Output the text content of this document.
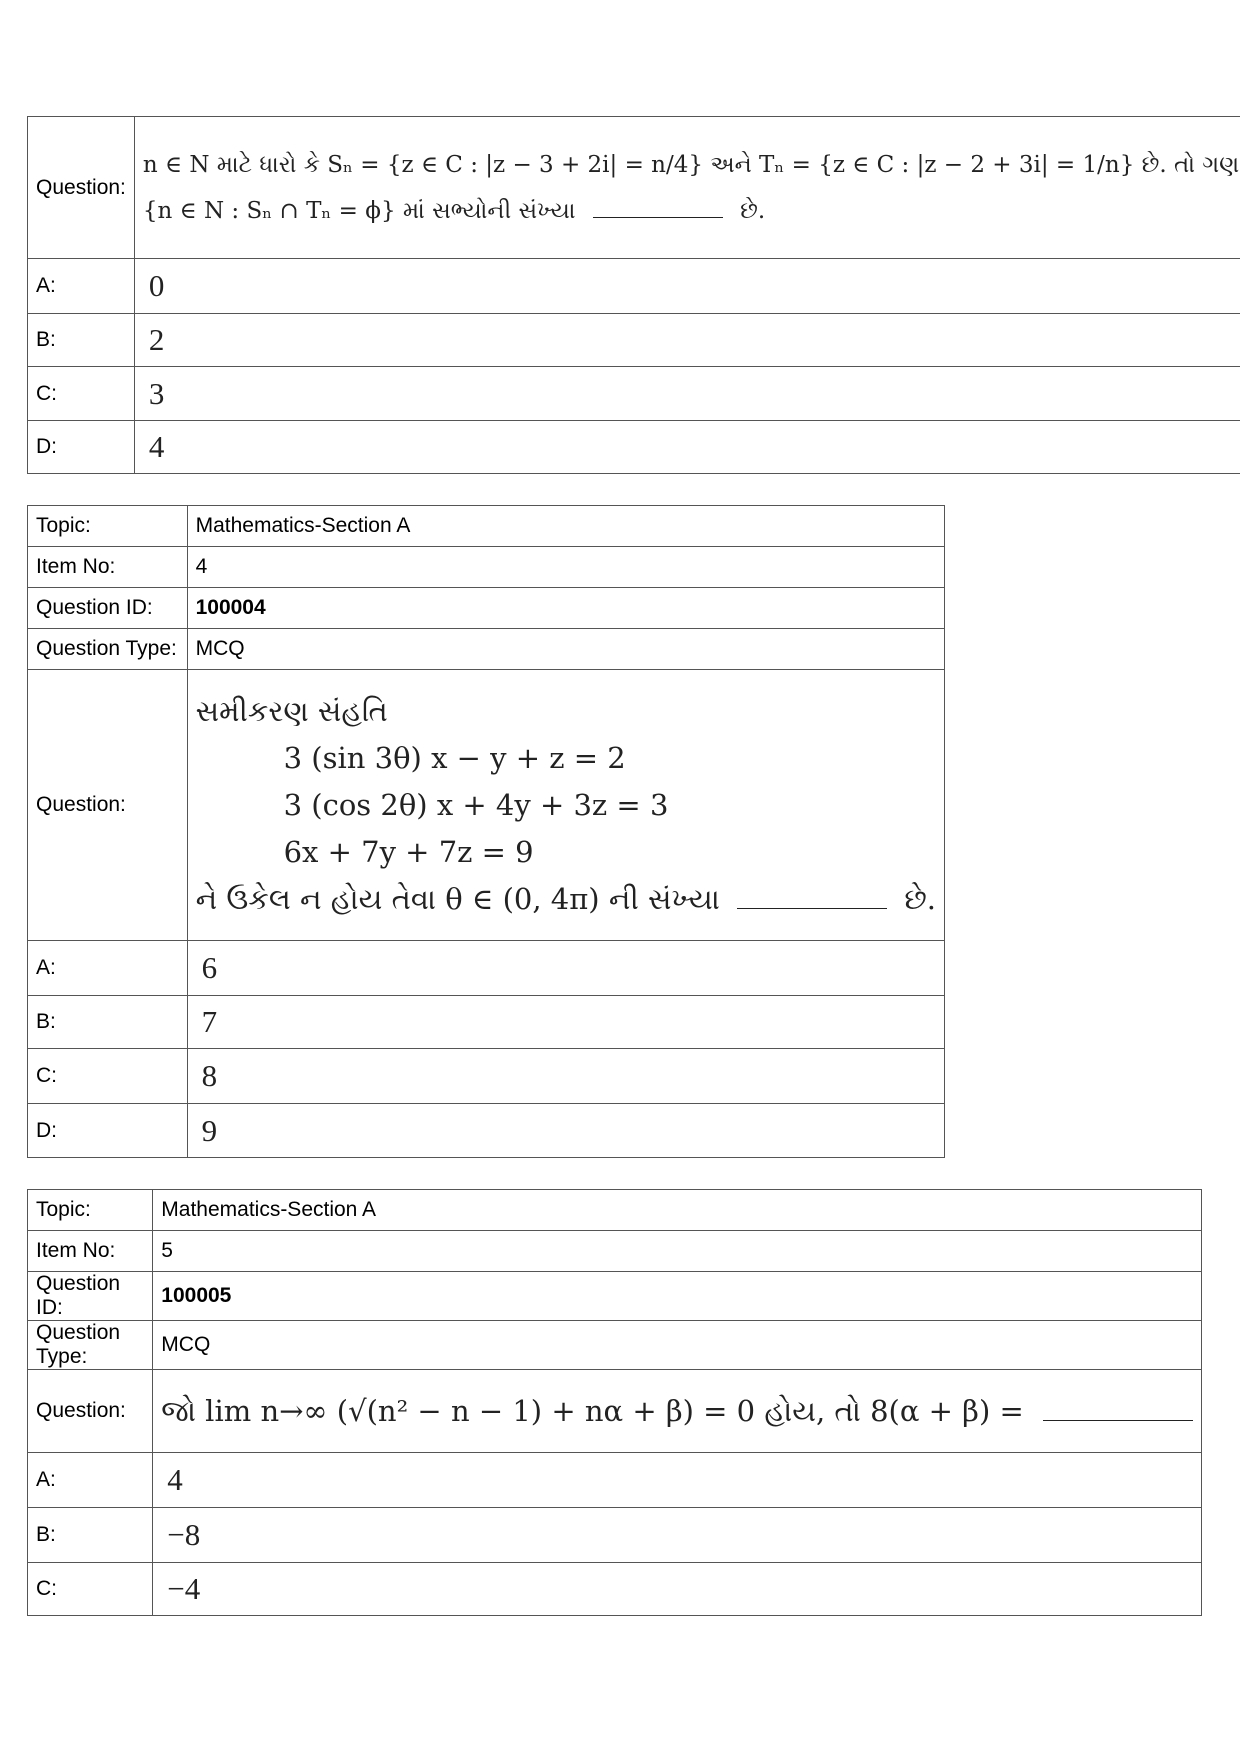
Question:	n ∈ N માટે ધારો કે Sₙ = {z ∈ C : |z − 3 + 2i| = n/4} અને Tₙ = {z ∈ C : |z − 2 + 3i| = 1/n} છે. તો ગણ
{n ∈ N : Sₙ ∩ Tₙ = ϕ} માં સભ્યોની સંખ્યા છે.

A:	0
B:	2
C:	3
D:	4
Topic:	Mathematics-Section A
Item No:	4
Question ID:	100004
Question Type:	MCQ
Question:	સમીકરણ સંહતિ
3 (sin 3θ) x − y + z = 2
3 (cos 2θ) x + 4y + 3z = 3
6x + 7y + 7z = 9
ને ઉકેલ ન હોય તેવા θ ∈ (0, 4π) ની સંખ્યા છે.

A:	6
B:	7
C:	8
D:	9
Topic:	Mathematics-Section A
Item No:	5
Question ID:	100005
Question Type:	MCQ
Question:	જો lim n→∞ (√(n² − n − 1) + nα + β) = 0 હોય, તો 8(α + β) =
A:	4
B:	−8
C:	−4
